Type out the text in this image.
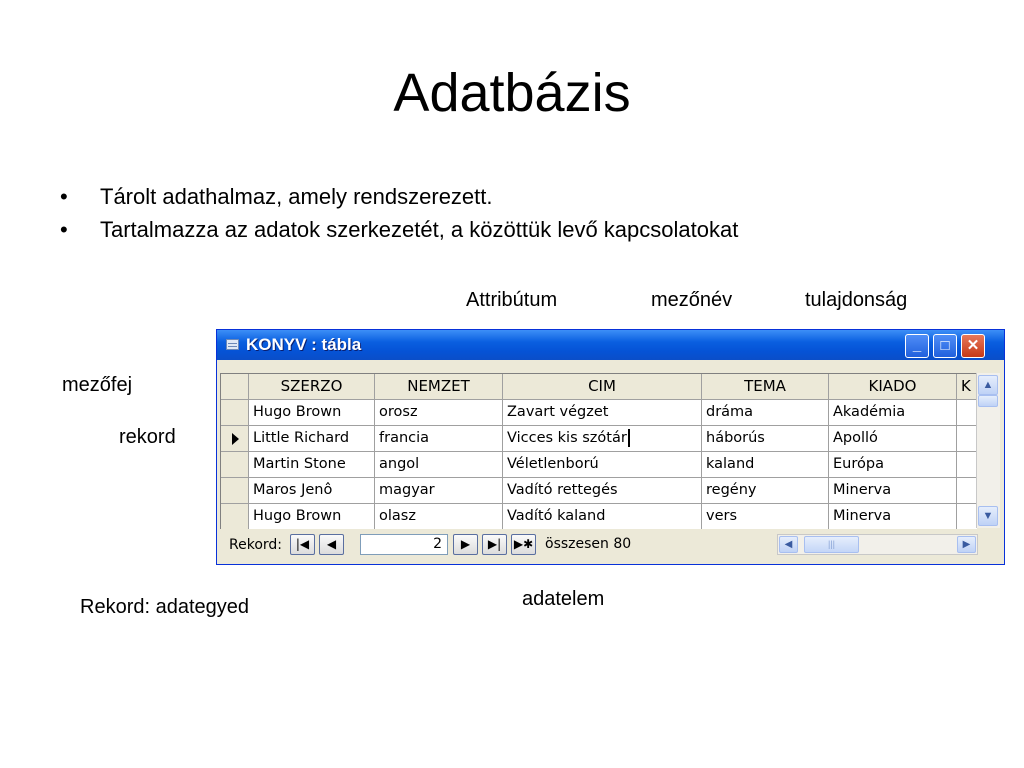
Adatbázis
• Tárolt adathalmaz, amely rendszerezett.
• Tartalmazza az adatok szerkezetét, a közöttük levő kapcsolatokat
Attribútum	mezőnév	tulajdonság
mezőfej
rekord
Rekord: adategyed	adatelem
KONYV : tábla	_	□	✕
SZERZO	NEMZET	CIM	TEMA	KIADO	K
Hugo Brown	orosz	Zavart végzet	dráma	Akadémia
Little Richard	francia	Vicces kis szótár	háborús	Apolló
Martin Stone	angol	Véletlenború	kaland	Európa
Maros Jenô	magyar	Vadító rettegés	regény	Minerva
Hugo Brown	olasz	Vadító kaland	vers	Minerva
▲
▼
Rekord:	|◀	◀	2	▶	▶|	▶✱ összesen 80	◀	|||	▶
